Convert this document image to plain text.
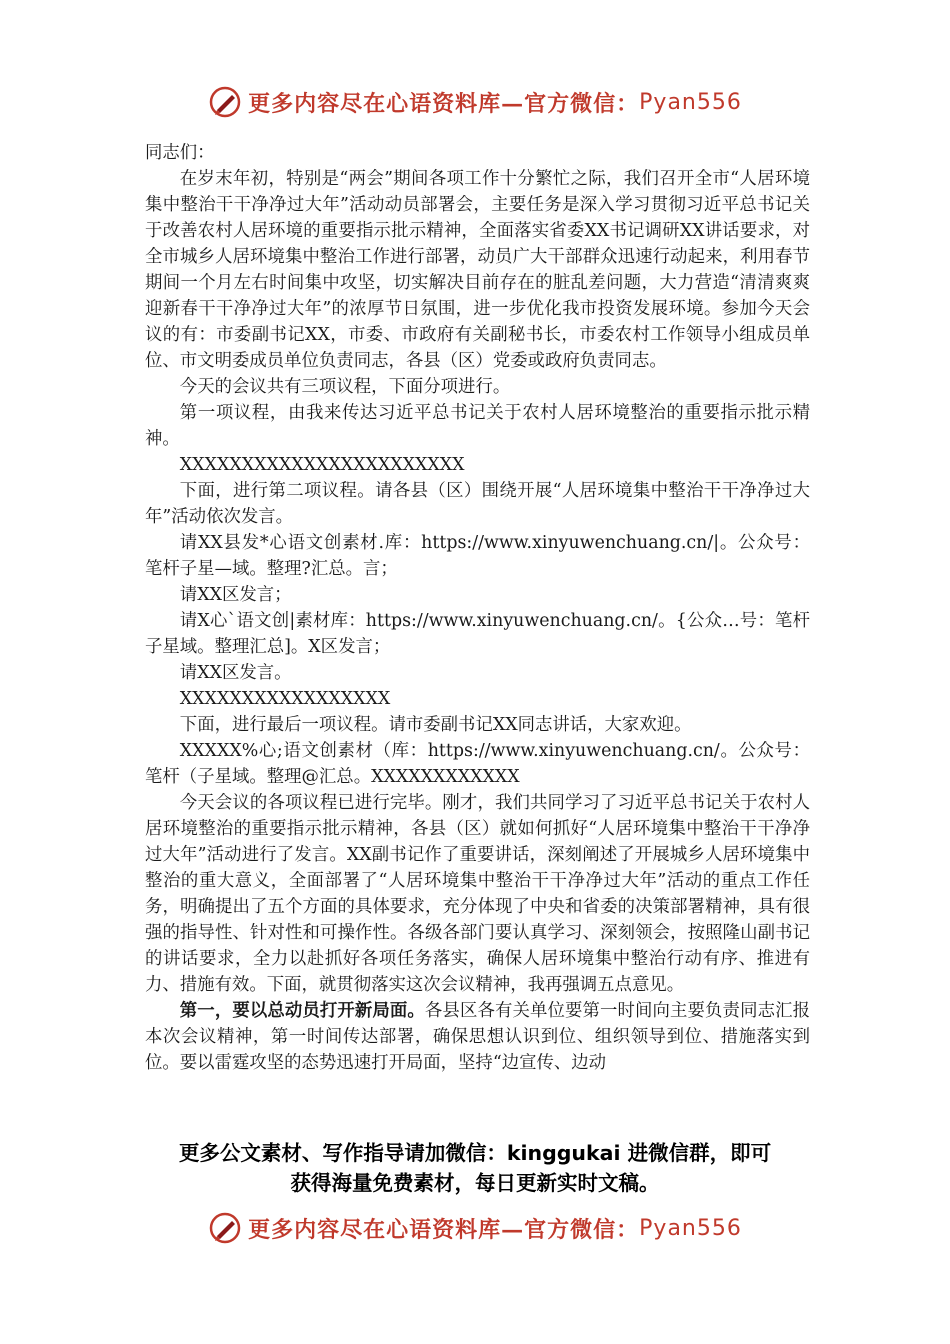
更多内容尽在心语资料库—官方微信： Pyan556

同志们：

在岁末年初，特别是“两会”期间各项工作十分繁忙之际，我们召开全市“人居环境集中整治干干净净过大年”活动动员部署会，主要任务是深入学习贯彻习近平总书记关于改善农村人居环境的重要指示批示精神，全面落实省委XX书记调研XX讲话要求，对全市城乡人居环境集中整治工作进行部署，动员广大干部群众迅速行动起来，利用春节期间一个月左右时间集中攻坚，切实解决目前存在的脏乱差问题，大力营造“清清爽爽迎新春干干净净过大年”的浓厚节日氛围，进一步优化我市投资发展环境。参加今天会议的有：市委副书记XX，市委、市政府有关副秘书长，市委农村工作领导小组成员单位、市文明委成员单位负责同志，各县（区）党委或政府负责同志。

今天的会议共有三项议程，下面分项进行。

第一项议程，由我来传达习近平总书记关于农村人居环境整治的重要指示批示精神。

XXXXXXXXXXXXXXXXXXXXXXX

下面，进行第二项议程。请各县（区）围绕开展“人居环境集中整治干干净净过大年”活动依次发言。

请XX县发*心语文创素材.库：https://www.xinyuwenchuang.cn/|。公众号：笔杆子星—域。整理?汇总。言；

请XX区发言；

请X心`语文创|素材库：https://www.xinyuwenchuang.cn/。{公众…号：笔杆子星域。整理汇总]。X区发言；

请XX区发言。

XXXXXXXXXXXXXXXXX

下面，进行最后一项议程。请市委副书记XX同志讲话，大家欢迎。

XXXXX%心;语文创素材（库：https://www.xinyuwenchuang.cn/。公众号：笔杆（子星域。整理@汇总。XXXXXXXXXXXX

今天会议的各项议程已进行完毕。刚才，我们共同学习了习近平总书记关于农村人居环境整治的重要指示批示精神，各县（区）就如何抓好“人居环境集中整治干干净净过大年”活动进行了发言。XX副书记作了重要讲话，深刻阐述了开展城乡人居环境集中整治的重大意义，全面部署了“人居环境集中整治干干净净过大年”活动的重点工作任务，明确提出了五个方面的具体要求，充分体现了中央和省委的决策部署精神，具有很强的指导性、针对性和可操作性。各级各部门要认真学习、深刻领会，按照隆山副书记的讲话要求，全力以赴抓好各项任务落实，确保人居环境集中整治行动有序、推进有力、措施有效。下面，就贯彻落实这次会议精神，我再强调五点意见。

第一，要以总动员打开新局面。各县区各有关单位要第一时间向主要负责同志汇报本次会议精神，第一时间传达部署，确保思想认识到位、组织领导到位、措施落实到位。要以雷霆攻坚的态势迅速打开局面，坚持“边宣传、边动

更多公文素材、写作指导请加微信：kinggukai 进微信群，即可
获得海量免费素材，每日更新实时文稿。
更多内容尽在心语资料库—官方微信： Pyan556
